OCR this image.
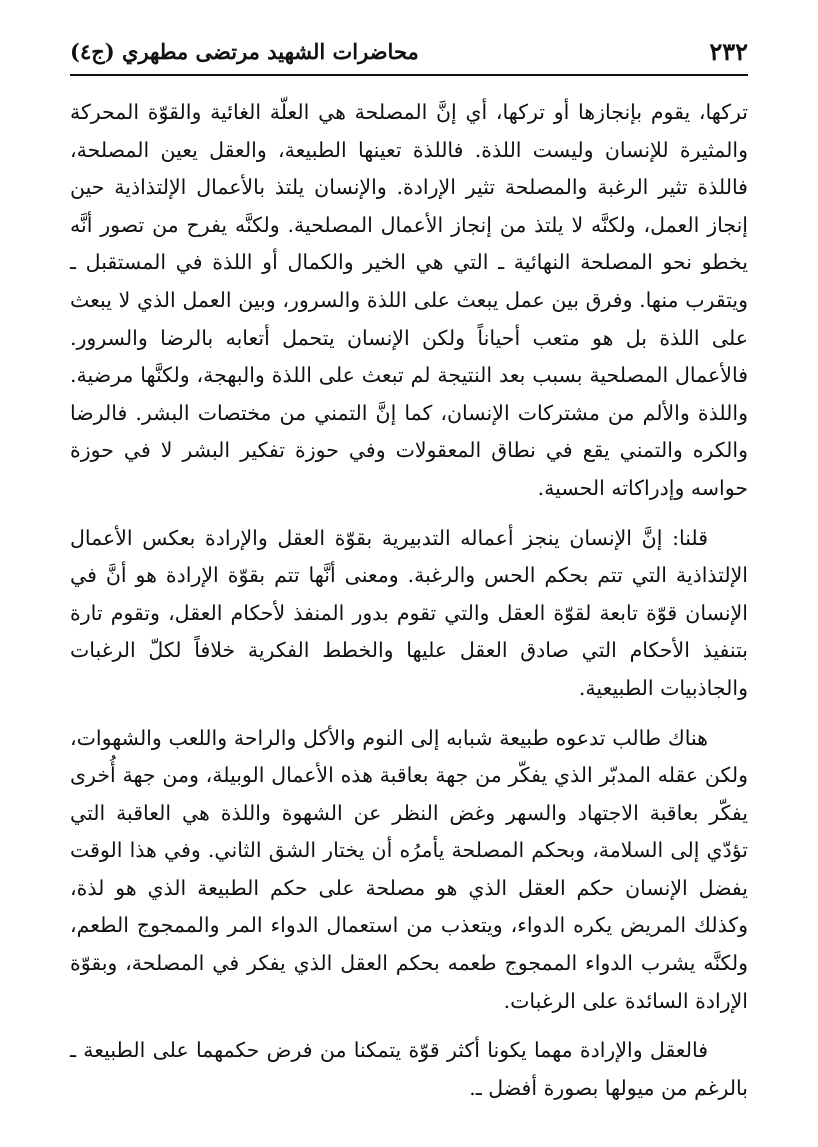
٢٣٢
محاضرات الشهيد مرتضى مطهري (ج٤)

تركها، يقوم بإنجازها أو تركها، أي إنَّ المصلحة هي العلّة الغائية والقوّة المحركة والمثيرة للإنسان وليست اللذة. فاللذة تعينها الطبيعة، والعقل يعين المصلحة، فاللذة تثير الرغبة والمصلحة تثير الإرادة. والإنسان يلتذ بالأعمال الإلتذاذية حين إنجاز العمل، ولكنَّه لا يلتذ من إنجاز الأعمال المصلحية. ولكنَّه يفرح من تصور أنَّه يخطو نحو المصلحة النهائية ـ التي هي الخير والكمال أو اللذة في المستقبل ـ ويتقرب منها. وفرق بين عمل يبعث على اللذة والسرور، وبين العمل الذي لا يبعث على اللذة بل هو متعب أحياناً ولكن الإنسان يتحمل أتعابه بالرضا والسرور. فالأعمال المصلحية بسبب بعد النتيجة لم تبعث على اللذة والبهجة، ولكنَّها مرضية. واللذة والألم من مشتركات الإنسان، كما إنَّ التمني من مختصات البشر. فالرضا والكره والتمني يقع في نطاق المعقولات وفي حوزة تفكير البشر لا في حوزة حواسه وإدراكاته الحسية.

قلنا: إنَّ الإنسان ينجز أعماله التدبيرية بقوّة العقل والإرادة بعكس الأعمال الإلتذاذية التي تتم بحكم الحس والرغبة. ومعنى أنَّها تتم بقوّة الإرادة هو أنَّ في الإنسان قوّة تابعة لقوّة العقل والتي تقوم بدور المنفذ لأحكام العقل، وتقوم تارة بتنفيذ الأحكام التي صادق العقل عليها والخطط الفكرية خلافاً لكلّ الرغبات والجاذبيات الطبيعية.

هناك طالب تدعوه طبيعة شبابه إلى النوم والأكل والراحة واللعب والشهوات، ولكن عقله المدبّر الذي يفكّر من جهة بعاقبة هذه الأعمال الوبيلة، ومن جهة أُخرى يفكّر بعاقبة الاجتهاد والسهر وغض النظر عن الشهوة واللذة هي العاقبة التي تؤدّي إلى السلامة، وبحكم المصلحة يأمرُه أن يختار الشق الثاني. وفي هذا الوقت يفضل الإنسان حكم العقل الذي هو مصلحة على حكم الطبيعة الذي هو لذة، وكذلك المريض يكره الدواء، ويتعذب من استعمال الدواء المر والممجوج الطعم، ولكنَّه يشرب الدواء الممجوج طعمه بحكم العقل الذي يفكر في المصلحة، وبقوّة الإرادة السائدة على الرغبات.

فالعقل والإرادة مهما يكونا أكثر قوّة يتمكنا من فرض حكمهما على الطبيعة ـ بالرغم من ميولها بصورة أفضل ـ.
